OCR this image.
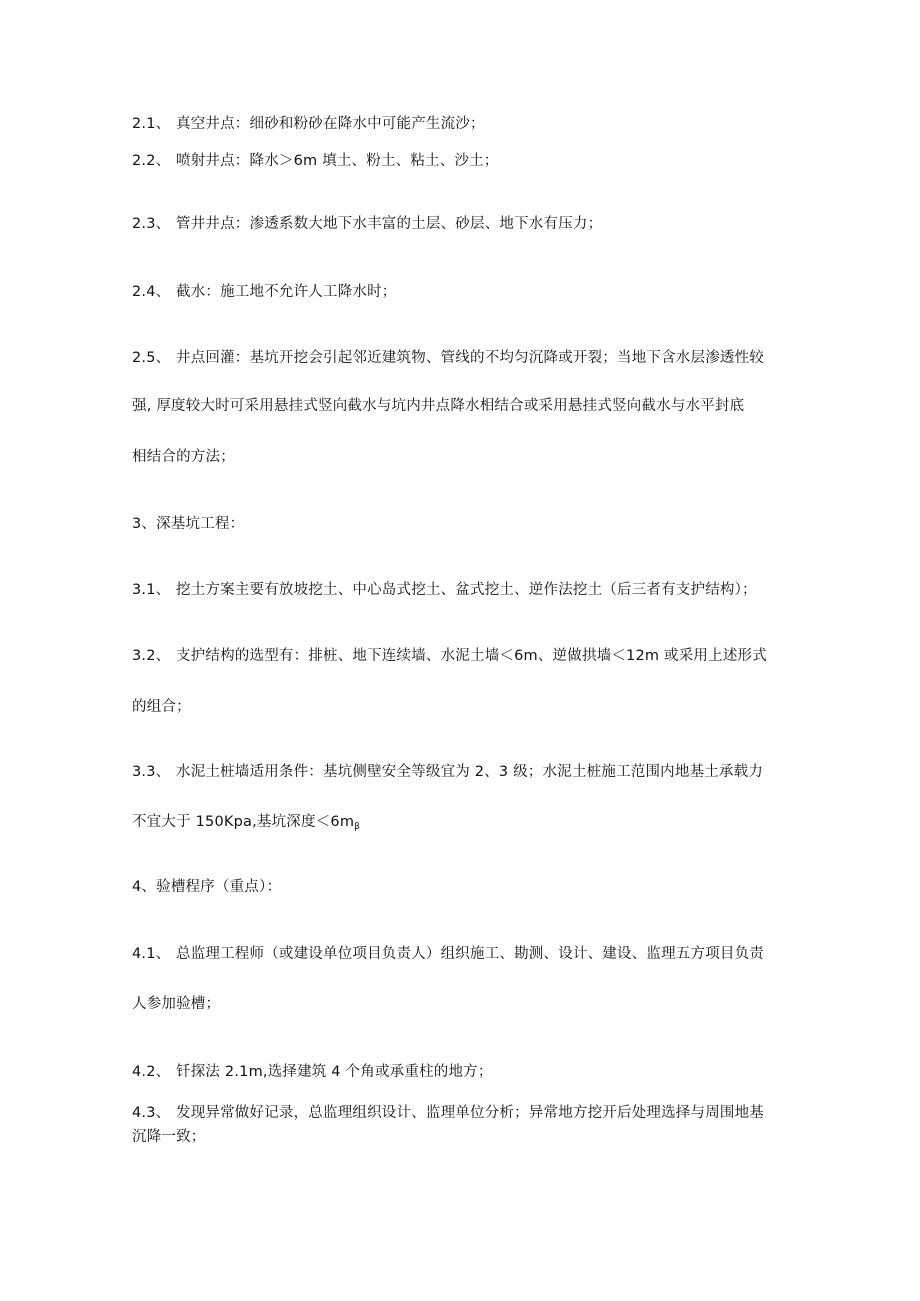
2.1、 真空井点：细砂和粉砂在降水中可能产生流沙；
2.2、 喷射井点：降水＞6m 填土、粉土、粘土、沙土；
2.3、 管井井点：渗透系数大地下水丰富的土层、砂层、地下水有压力；
2.4、 截水：施工地不允许人工降水时；
2.5、 井点回灌：基坑开挖会引起邻近建筑物、管线的不均匀沉降或开裂；当地下含水层渗透性较
强, 厚度较大时可采用悬挂式竖向截水与坑内井点降水相结合或采用悬挂式竖向截水与水平封底
相结合的方法；
3、深基坑工程：
3.1、 挖土方案主要有放坡挖土、中心岛式挖土、盆式挖土、逆作法挖土（后三者有支护结构）；
3.2、 支护结构的选型有：排桩、地下连续墙、水泥土墙＜6m、逆做拱墙＜12m 或采用上述形式
的组合；
3.3、 水泥土桩墙适用条件：基坑侧壁安全等级宜为 2、3 级；水泥土桩施工范围内地基土承载力
不宜大于 150Kpa,基坑深度$<6m_\beta$
4、验槽程序（重点）：
4.1、 总监理工程师（或建设单位项目负责人）组织施工、勘测、设计、建设、监理五方项目负责
人参加验槽；
4.2、 钎探法 2.1m,选择建筑 4 个角或承重柱的地方；
4.3、 发现异常做好记录，总监理组织设计、监理单位分析；异常地方挖开后处理选择与周围地基
沉降一致；
